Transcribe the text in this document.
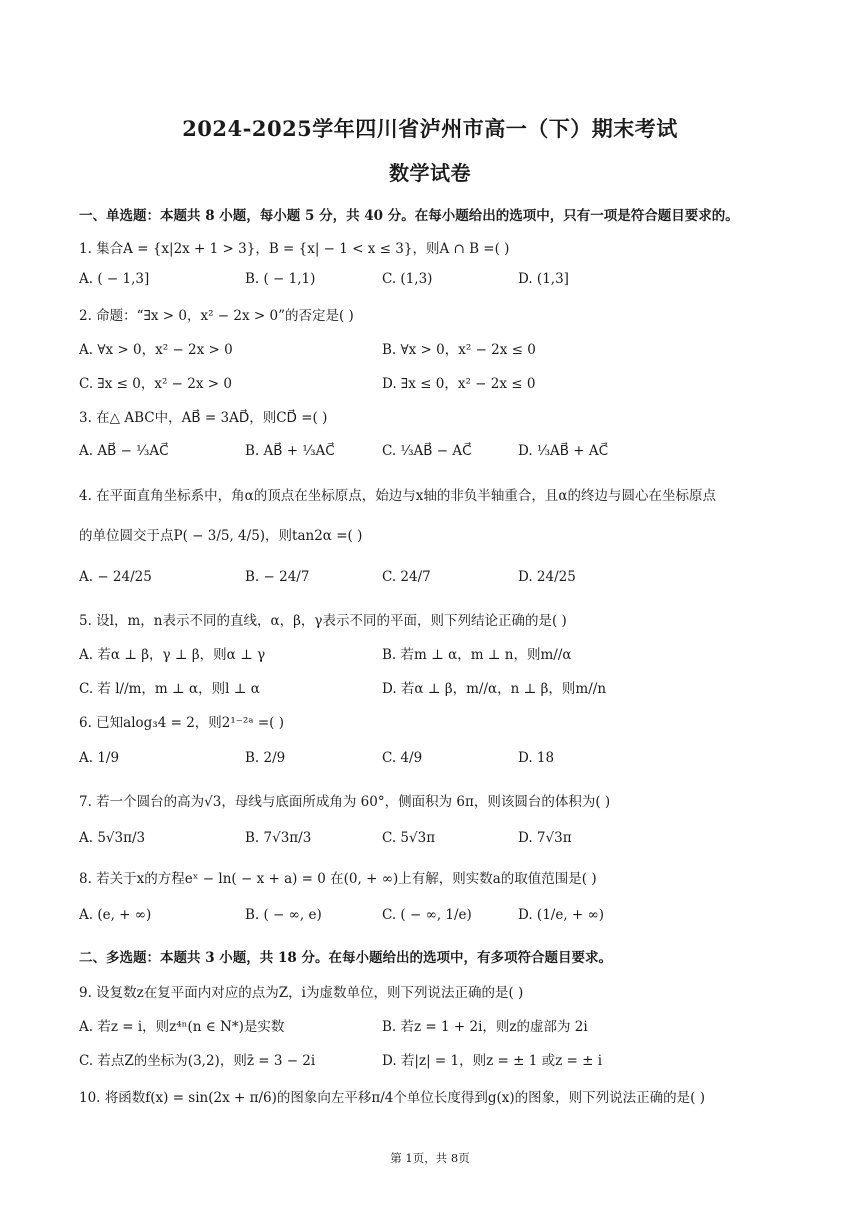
2024-2025学年四川省泸州市高一（下）期末考试
数学试卷
一、单选题：本题共 8 小题，每小题 5 分，共 40 分。在每小题给出的选项中，只有一项是符合题目要求的。
1. 集合A = {x|2x + 1 > 3}，B = {x| − 1 < x ≤ 3}，则A ∩ B =( )
A. ( − 1,3]	B. ( − 1,1)	C. (1,3)	D. (1,3]
2. 命题：“∃x > 0，x² − 2x > 0”的否定是( )
A. ∀x > 0，x² − 2x > 0	B. ∀x > 0，x² − 2x ≤ 0
C. ∃x ≤ 0，x² − 2x > 0	D. ∃x ≤ 0，x² − 2x ≤ 0
3. 在△ ABC中，AB⃗ = 3AD⃗，则CD⃗ =( )
A. AB⃗ − ¹⁄₃AC⃗	B. AB⃗ + ¹⁄₃AC⃗	C. ¹⁄₃AB⃗ − AC⃗	D. ¹⁄₃AB⃗ + AC⃗
4. 在平面直角坐标系中，角α的顶点在坐标原点，始边与x轴的非负半轴重合，且α的终边与圆心在坐标原点
的单位圆交于点P( − 3/5, 4/5)，则tan2α =( )
A. − 24/25	B. − 24/7	C. 24/7	D. 24/25
5. 设l，m，n表示不同的直线，α，β，γ表示不同的平面，则下列结论正确的是( )
A. 若α ⊥ β，γ ⊥ β，则α ⊥ γ	B. 若m ⊥ α，m ⊥ n，则m//α
C. 若 l//m，m ⊥ α，则l ⊥ α	D. 若α ⊥ β，m//α，n ⊥ β，则m//n
6. 已知alog₃4 = 2，则2¹⁻²ᵃ =( )
A. 1/9	B. 2/9	C. 4/9	D. 18
7. 若一个圆台的高为√3，母线与底面所成角为 60°，侧面积为 6π，则该圆台的体积为( )
A. 5√3π/3	B. 7√3π/3	C. 5√3π	D. 7√3π
8. 若关于x的方程eˣ − ln( − x + a) = 0 在(0, + ∞)上有解，则实数a的取值范围是( )
A. (e, + ∞)	B. ( − ∞, e)	C. ( − ∞, 1/e)	D. (1/e, + ∞)
二、多选题：本题共 3 小题，共 18 分。在每小题给出的选项中，有多项符合题目要求。
9. 设复数z在复平面内对应的点为Z，i为虚数单位，则下列说法正确的是( )
A. 若z = i，则z⁴ⁿ(n ∈ N*)是实数	B. 若z = 1 + 2i，则z的虚部为 2i
C. 若点Z的坐标为(3,2)，则z̄ = 3 − 2i	D. 若|z| = 1，则z = ± 1 或z = ± i
10. 将函数f(x) = sin(2x + π/6)的图象向左平移π/4个单位长度得到g(x)的图象，则下列说法正确的是( )
第 1页，共 8页
